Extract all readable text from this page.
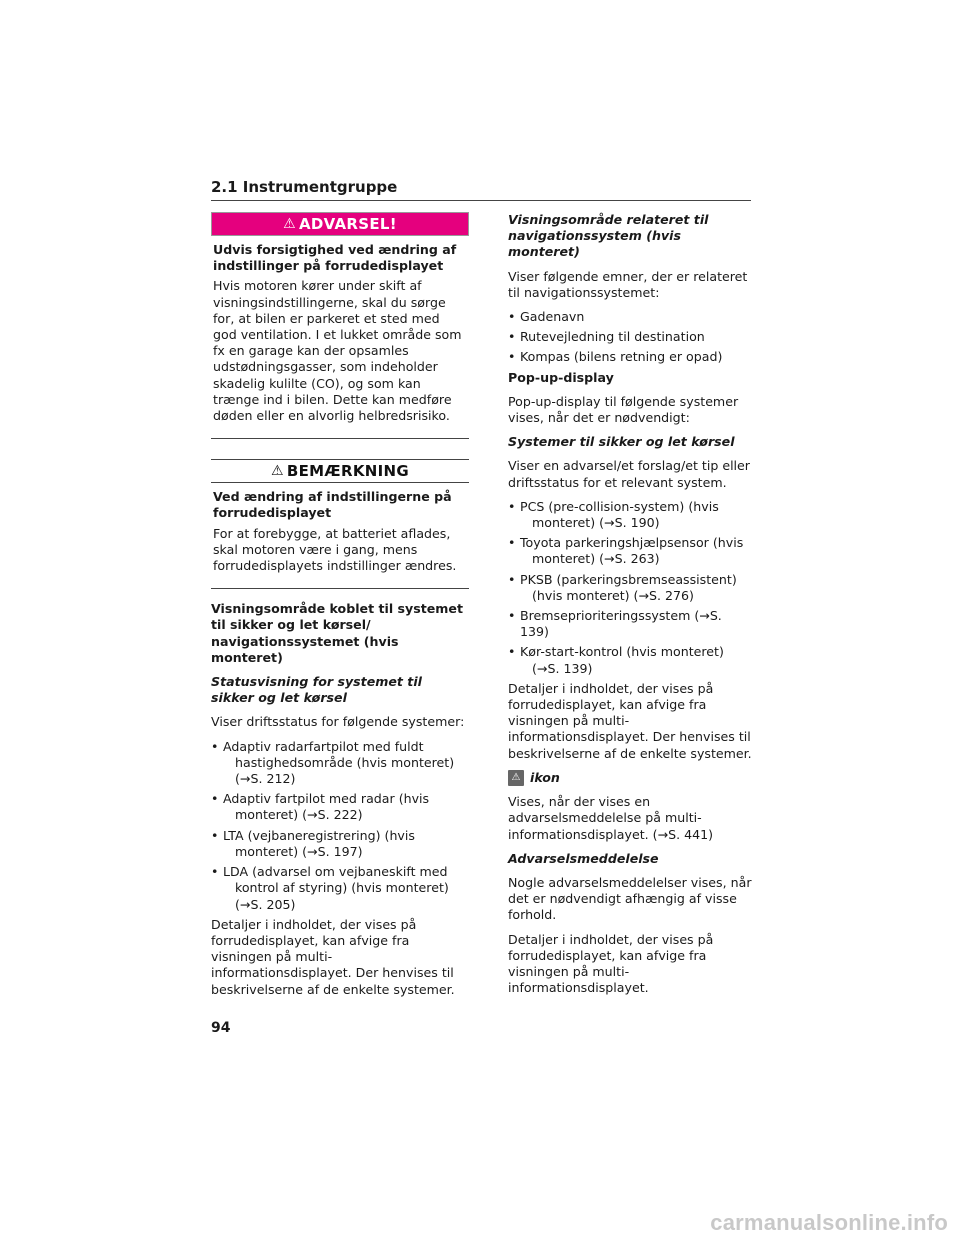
2.1 Instrumentgruppe
⚠ ADVARSEL!

Udvis forsigtighed ved ændring af indstillinger på forrudedisplayet

Hvis motoren kører under skift af visningsindstillingerne, skal du sørge for, at bilen er parkeret et sted med god ventilation. I et lukket område som fx en garage kan der opsamles udstødningsgasser, som indeholder skadelig kulilte (CO), og som kan trænge ind i bilen. Dette kan medføre døden eller en alvorlig helbredsrisiko.

⚠ BEMÆRKNING

Ved ændring af indstillingerne på forrudedisplayet

For at forebygge, at batteriet aflades, skal motoren være i gang, mens forrudedisplayets indstillinger ændres.

Visningsområde koblet til systemet til sikker og let kørsel/ navigationssystemet (hvis monteret)

Statusvisning for systemet til sikker og let kørsel

Viser driftsstatus for følgende systemer:

• Adaptiv radarfartpilot med fuldt
hastighedsområde (hvis monteret) (→S. 212)
• Adaptiv fartpilot med radar (hvis
monteret) (→S. 222)
• LTA (vejbaneregistrering) (hvis
monteret) (→S. 197)
• LDA (advarsel om vejbaneskift med
kontrol af styring) (hvis monteret) (→S. 205)

Detaljer i indholdet, der vises på forrudedisplayet, kan afvige fra visningen på multi-informationsdisplayet. Der henvises til beskrivelserne af de enkelte systemer.

Visningsområde relateret til navigationssystem (hvis monteret)

Viser følgende emner, der er relateret til navigationssystemet:

• Gadenavn
• Rutevejledning til destination
• Kompas (bilens retning er opad)

Pop-up-display

Pop-up-display til følgende systemer vises, når det er nødvendigt:

Systemer til sikker og let kørsel

Viser en advarsel/et forslag/et tip eller driftsstatus for et relevant system.

• PCS (pre-collision-system) (hvis
monteret) (→S. 190)
• Toyota parkeringshjælpsensor (hvis
monteret) (→S. 263)
• PKSB (parkeringsbremseassistent)
(hvis monteret) (→S. 276)
• Bremseprioriteringssystem (→S. 139)
• Kør-start-kontrol (hvis monteret)
(→S. 139)

Detaljer i indholdet, der vises på forrudedisplayet, kan afvige fra visningen på multi-informationsdisplayet. Der henvises til beskrivelserne af de enkelte systemer.

⚠ ikon

Vises, når der vises en advarselsmeddelelse på multi-informationsdisplayet. (→S. 441)

Advarselsmeddelelse

Nogle advarselsmeddelelser vises, når det er nødvendigt afhængig af visse forhold.

Detaljer i indholdet, der vises på forrudedisplayet, kan afvige fra visningen på multi-informationsdisplayet.

94
carmanualsonline.info
